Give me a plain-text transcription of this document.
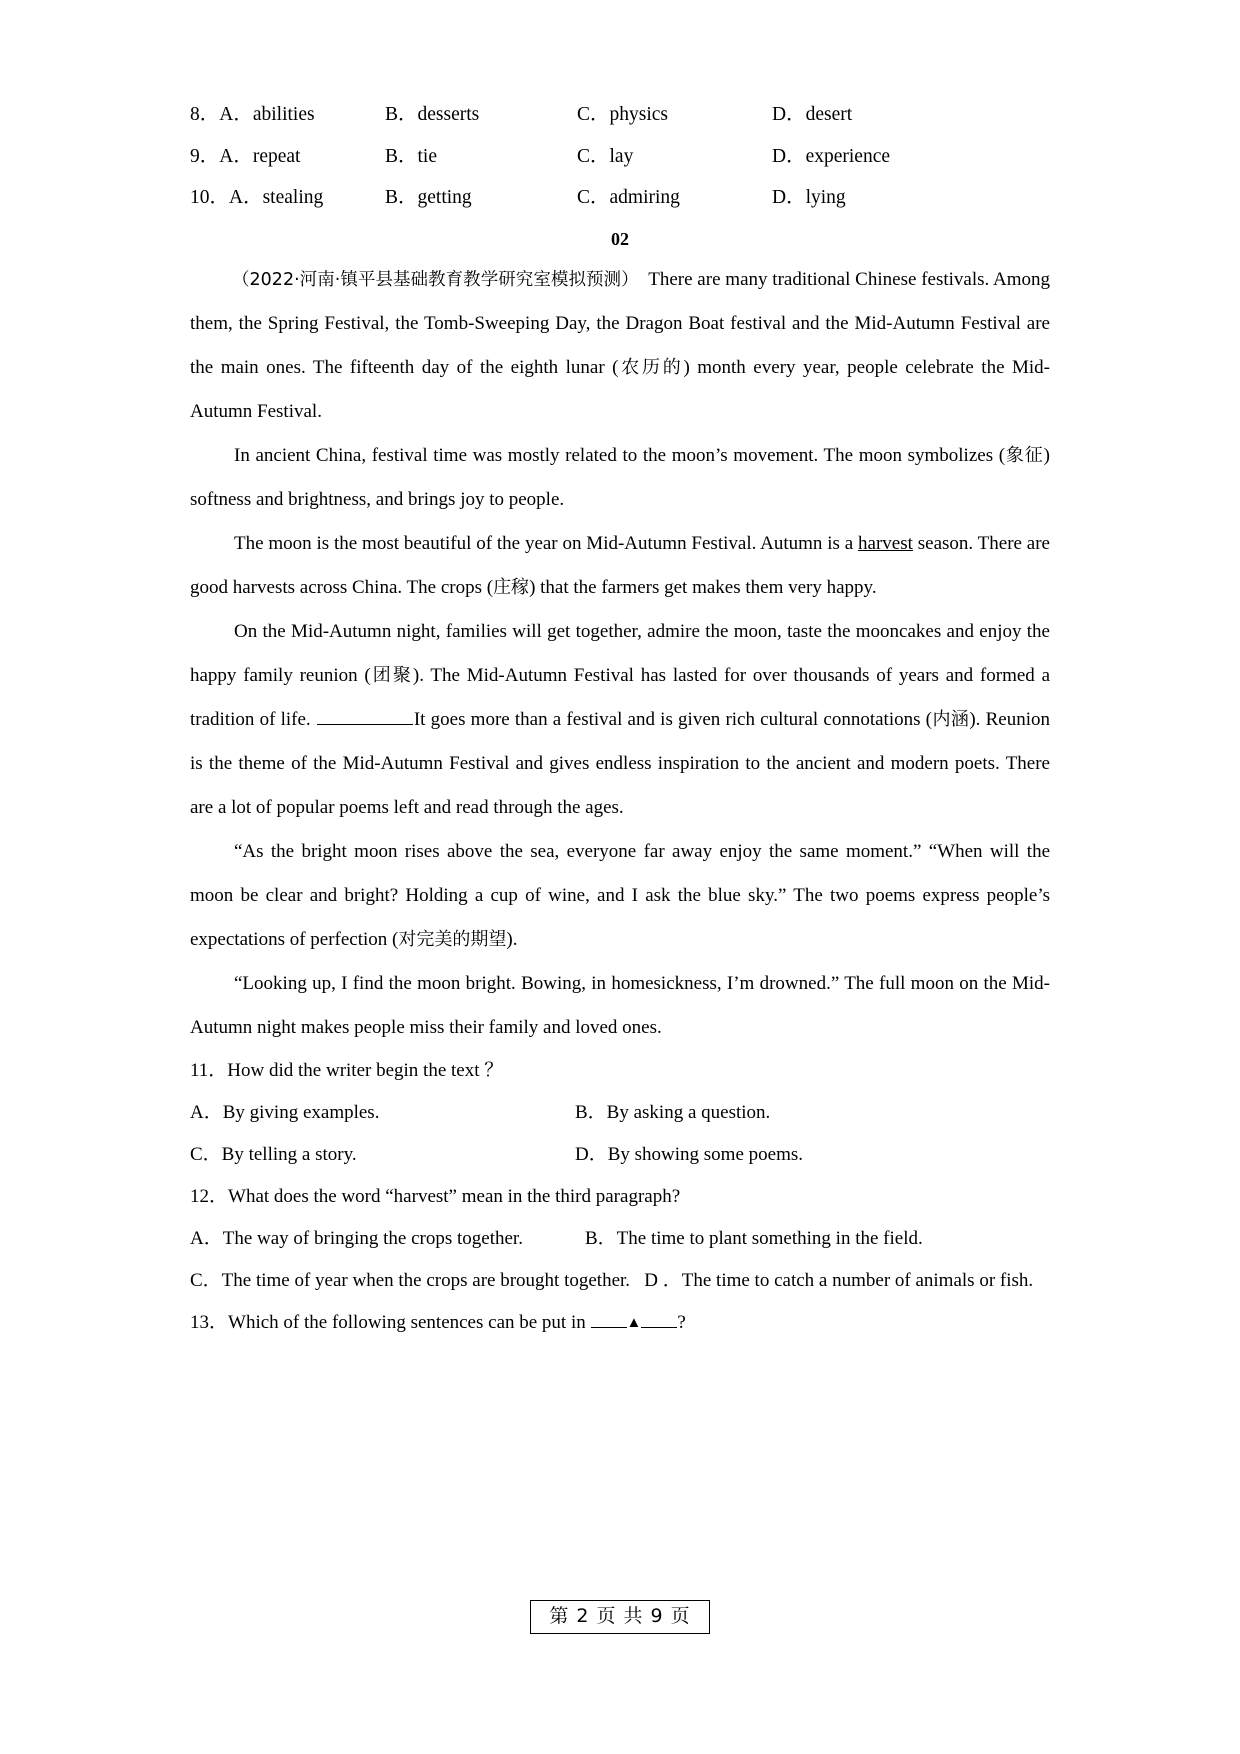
8．A．abilities	B．desserts	C．physics	D．desert
9．A．repeat	B．tie	C．lay	D．experience
10．A．stealing	B．getting	C．admiring	D．lying
02

（2022·河南·镇平县基础教育教学研究室模拟预测） There are many traditional Chinese festivals. Among them, the Spring Festival, the Tomb-Sweeping Day, the Dragon Boat festival and the Mid-Autumn Festival are the main ones. The fifteenth day of the eighth lunar (农历的) month every year, people celebrate the Mid-Autumn Festival.

In ancient China, festival time was mostly related to the moon’s movement. The moon symbolizes (象征) softness and brightness, and brings joy to people.

The moon is the most beautiful of the year on Mid-Autumn Festival. Autumn is a harvest season. There are good harvests across China. The crops (庄稼) that the farmers get makes them very happy.

On the Mid-Autumn night, families will get together, admire the moon, taste the mooncakes and enjoy the happy family reunion (团聚). The Mid-Autumn Festival has lasted for over thousands of years and formed a tradition of life.	It goes more than a festival and is given rich cultural connotations (内涵). Reunion is the theme of the Mid-Autumn Festival and gives endless inspiration to the ancient and modern poets. There are a lot of popular poems left and read through the ages.

“As the bright moon rises above the sea, everyone far away enjoy the same moment.” “When will the moon be clear and bright? Holding a cup of wine, and I ask the blue sky.” The two poems express people’s expectations of perfection (对完美的期望).

“Looking up, I find the moon bright. Bowing, in homesickness, I’m drowned.” The full moon on the Mid-Autumn night makes people miss their family and loved ones.

11．How did the writer begin the text ？

A．By giving examples.	B．By asking a question.
C．By telling a story.	D．By showing some poems.

12．What does the word “harvest” mean in the third paragraph?

A．The way of bringing the crops together.	B．The time to plant something in the field.

C．The time of year when the crops are brought together. D ．The time to catch a number of animals or fish.

13．Which of the following sentences can be put in ▲ ?

第 2 页 共 9 页
